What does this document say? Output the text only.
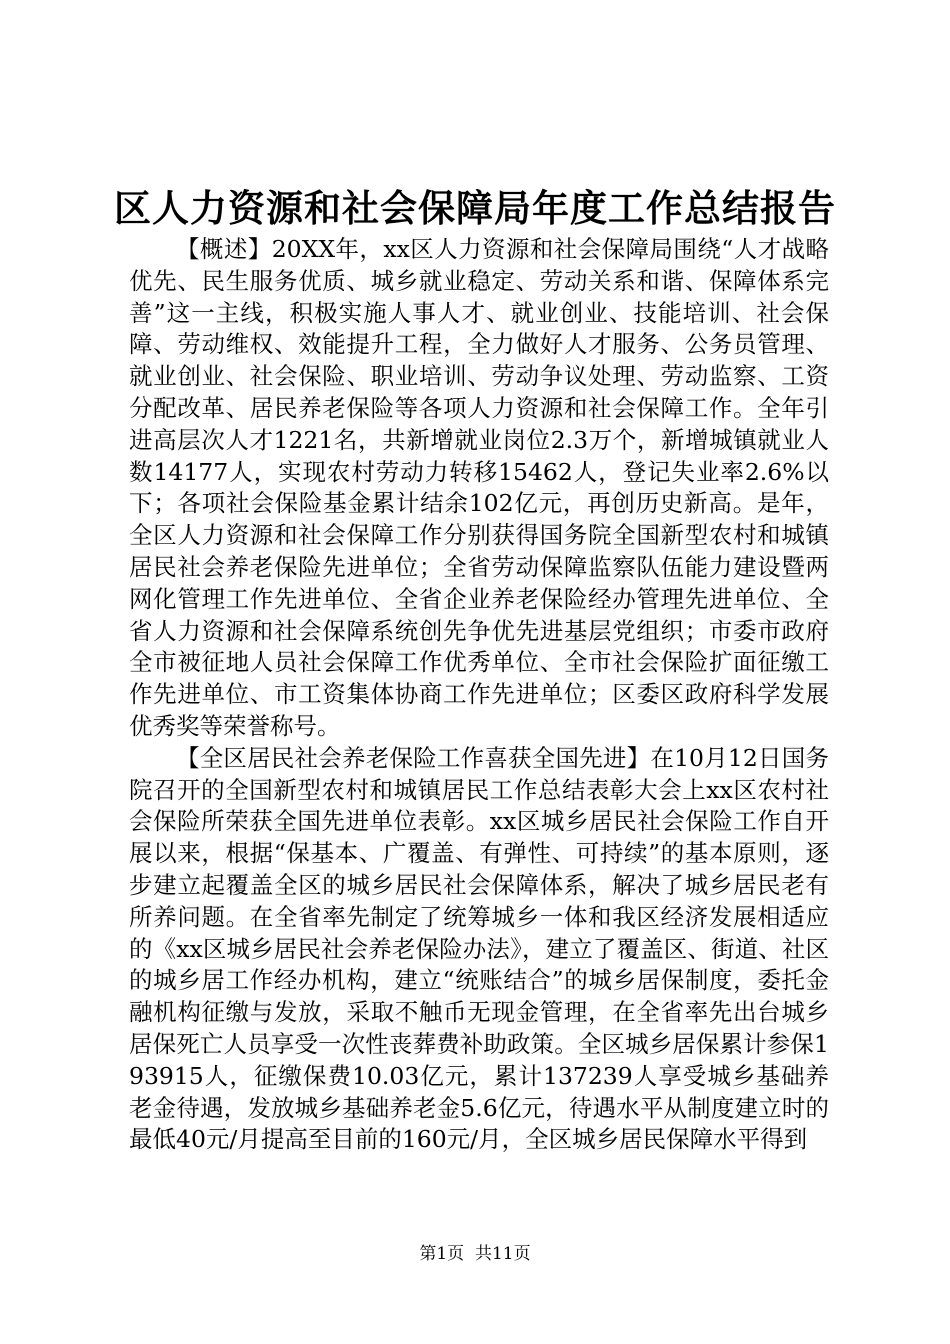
区人力资源和社会保障局年度工作总结报告

【概述】20XX年，xx区人力资源和社会保障局围绕“人才战略优先、民生服务优质、城乡就业稳定、劳动关系和谐、保障体系完善”这一主线，积极实施人事人才、就业创业、技能培训、社会保障、劳动维权、效能提升工程，全力做好人才服务、公务员管理、就业创业、社会保险、职业培训、劳动争议处理、劳动监察、工资分配改革、居民养老保险等各项人力资源和社会保障工作。全年引进高层次人才1221名，共新增就业岗位2.3万个，新增城镇就业人数14177人，实现农村劳动力转移15462人，登记失业率2.6%以下；各项社会保险基金累计结余102亿元，再创历史新高。是年，全区人力资源和社会保障工作分别获得国务院全国新型农村和城镇居民社会养老保险先进单位；全省劳动保障监察队伍能力建设暨两网化管理工作先进单位、全省企业养老保险经办管理先进单位、全省人力资源和社会保障系统创先争优先进基层党组织；市委市政府全市被征地人员社会保障工作优秀单位、全市社会保险扩面征缴工作先进单位、市工资集体协商工作先进单位；区委区政府科学发展优秀奖等荣誉称号。

【全区居民社会养老保险工作喜获全国先进】在10月12日国务院召开的全国新型农村和城镇居民工作总结表彰大会上xx区农村社会保险所荣获全国先进单位表彰。xx区城乡居民社会保险工作自开展以来，根据“保基本、广覆盖、有弹性、可持续”的基本原则，逐步建立起覆盖全区的城乡居民社会保障体系，解决了城乡居民老有所养问题。在全省率先制定了统筹城乡一体和我区经济发展相适应的《xx区城乡居民社会养老保险办法》，建立了覆盖区、街道、社区的城乡居工作经办机构，建立“统账结合”的城乡居保制度，委托金融机构征缴与发放，采取不触币无现金管理，在全省率先出台城乡居保死亡人员享受一次性丧葬费补助政策。全区城乡居保累计参保193915人，征缴保费10.03亿元，累计137239人享受城乡基础养老金待遇，发放城乡基础养老金5.6亿元，待遇水平从制度建立时的最低40元/月提高至目前的160元/月，全区城乡居民保障水平得到

第1页  共11页
